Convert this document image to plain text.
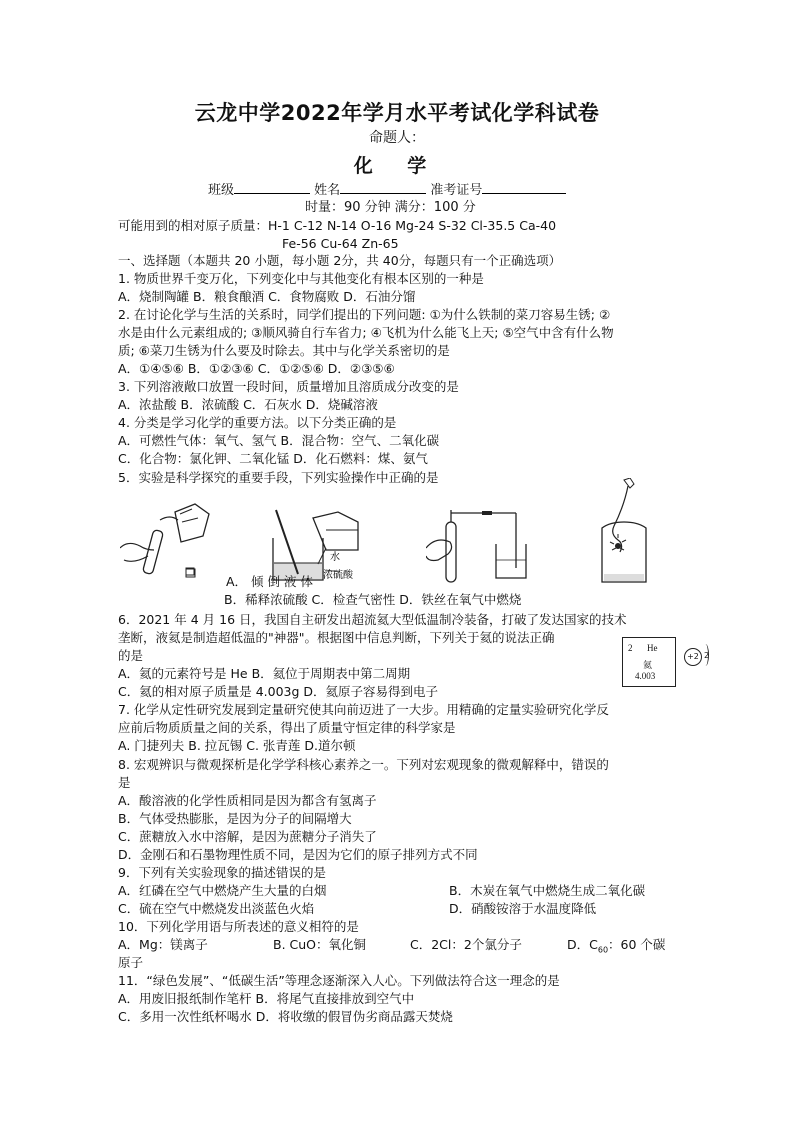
云龙中学2022年学月水平考试化学科试卷
命题人：
化 学
班级	姓名	准考证号
时量：90 分钟 满分：100 分
可能用到的相对原子质量：H-1 C-12 N-14 O-16 Mg-24 S-32 Cl-35.5 Ca-40
Fe-56 Cu-64 Zn-65
一、选择题（本题共 20 小题，每小题 2分，共 40分，每题只有一个正确选项）
1. 物质世界千变万化，下列变化中与其他变化有根本区别的一种是
A．烧制陶罐 B．粮食酿酒 C．食物腐败 D．石油分馏
2. 在讨论化学与生活的关系时，同学们提出的下列问题: ①为什么铁制的菜刀容易生锈; ②
水是由什么元素组成的; ③顺风骑自行车省力; ④飞机为什么能飞上天; ⑤空气中含有什么物
质; ⑥菜刀生锈为什么要及时除去。其中与化学关系密切的是
A．①④⑤⑥ B．①②③⑥ C．①②⑤⑥ D．②③⑤⑥
3. 下列溶液敞口放置一段时间，质量增加且溶质成分改变的是
A．浓盐酸 B．浓硫酸 C．石灰水 D．烧碱溶液
4. 分类是学习化学的重要方法。以下分类正确的是
A．可燃性气体：氧气、氢气 B．混合物：空气、二氧化碳
C．化合物：氯化钾、二氧化锰 D．化石燃料：煤、氨气
5．实验是科学探究的重要手段，下列实验操作中正确的是
水
浓硫酸
A． 倾 倒 液 体
B．稀释浓硫酸 C．检查气密性 D．铁丝在氧气中燃烧
6．2021 年 4 月 16 日，我国自主研发出超流氦大型低温制冷装备，打破了发达国家的技术
垄断，液氦是制造超低温的"神器"。根据图中信息判断，下列关于氦的说法正确
的是	2 He
氦
4.003
+2 2
A．氦的元素符号是 He B．氦位于周期表中第二周期
C．氦的相对原子质量是 4.003g D．氦原子容易得到电子
7. 化学从定性研究发展到定量研究使其向前迈进了一大步。用精确的定量实验研究化学反
应前后物质质量之间的关系，得出了质量守恒定律的科学家是
A. 门捷列夫 B. 拉瓦锡 C. 张青莲 D.道尔顿
8. 宏观辨识与微观探析是化学学科核心素养之一。下列对宏观现象的微观解释中，错误的
是
A．酸溶液的化学性质相同是因为都含有氢离子
B．气体受热膨胀，是因为分子的间隔增大
C．蔗糖放入水中溶解，是因为蔗糖分子消失了
D．金刚石和石墨物理性质不同，是因为它们的原子排列方式不同
9．下列有关实验现象的描述错误的是
A．红磷在空气中燃烧产生大量的白烟	B．木炭在氧气中燃烧生成二氧化碳
C．硫在空气中燃烧发出淡蓝色火焰	D．硝酸铵溶于水温度降低
10．下列化学用语与所表述的意义相符的是
A．Mg：镁离子	B. CuO：氧化铜	C．2Cl：2个氯分子	D．$C_{60}$：60 个碳
原子
11．“绿色发展”、“低碳生活”等理念逐渐深入人心。下列做法符合这一理念的是
A．用废旧报纸制作笔杆 B．将尾气直接排放到空气中
C．多用一次性纸杯喝水 D．将收缴的假冒伪劣商品露天焚烧
